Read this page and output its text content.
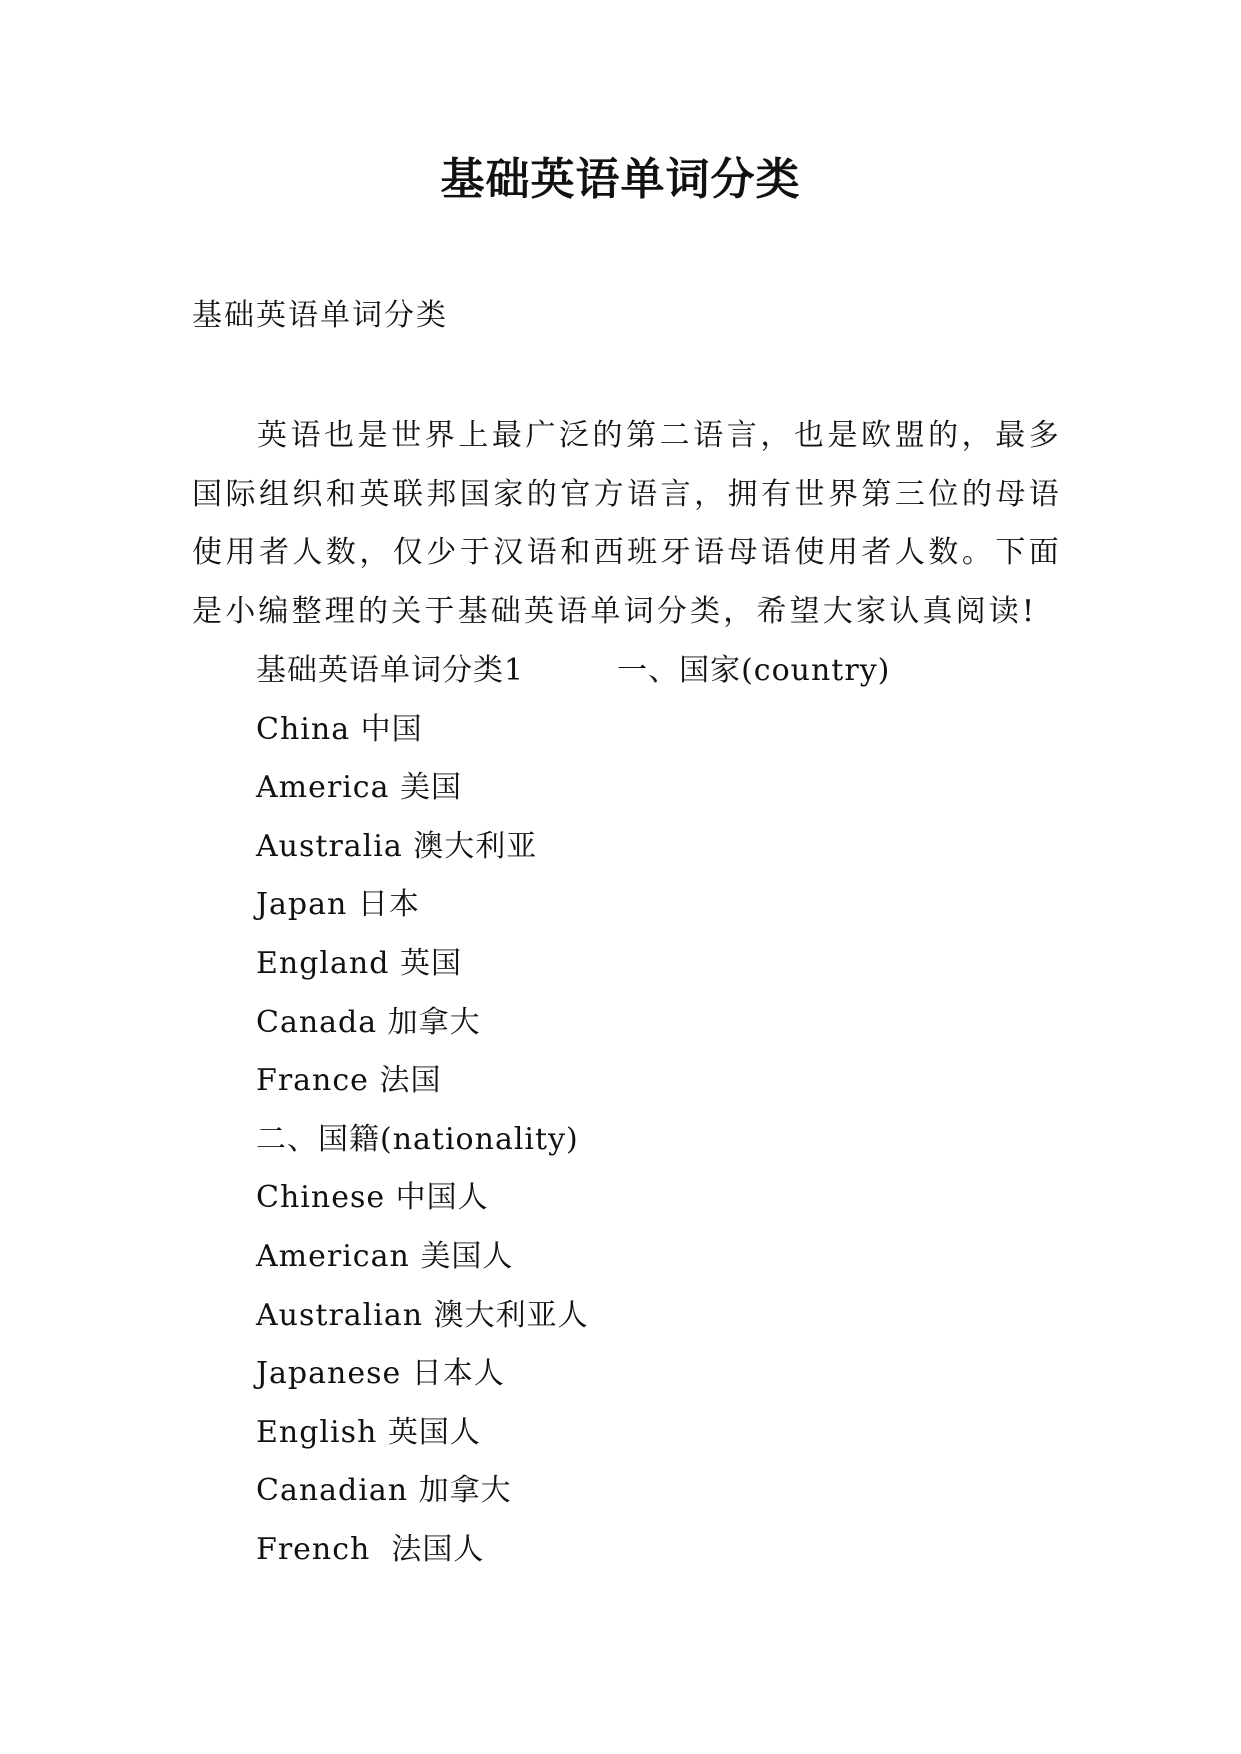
基础英语单词分类
基础英语单词分类

英语也是世界上最广泛的第二语言，也是欧盟的，最多国际组织和英联邦国家的官方语言，拥有世界第三位的母语使用者人数，仅少于汉语和西班牙语母语使用者人数。下面是小编整理的关于基础英语单词分类，希望大家认真阅读!

基础英语单词分类1　　　一、国家(country)
China 中国
America 美国
Australia 澳大利亚
Japan 日本
England 英国
Canada 加拿大
France 法国
二、国籍(nationality)
Chinese 中国人
American 美国人
Australian 澳大利亚人
Japanese 日本人
English 英国人
Canadian 加拿大
French  法国人
